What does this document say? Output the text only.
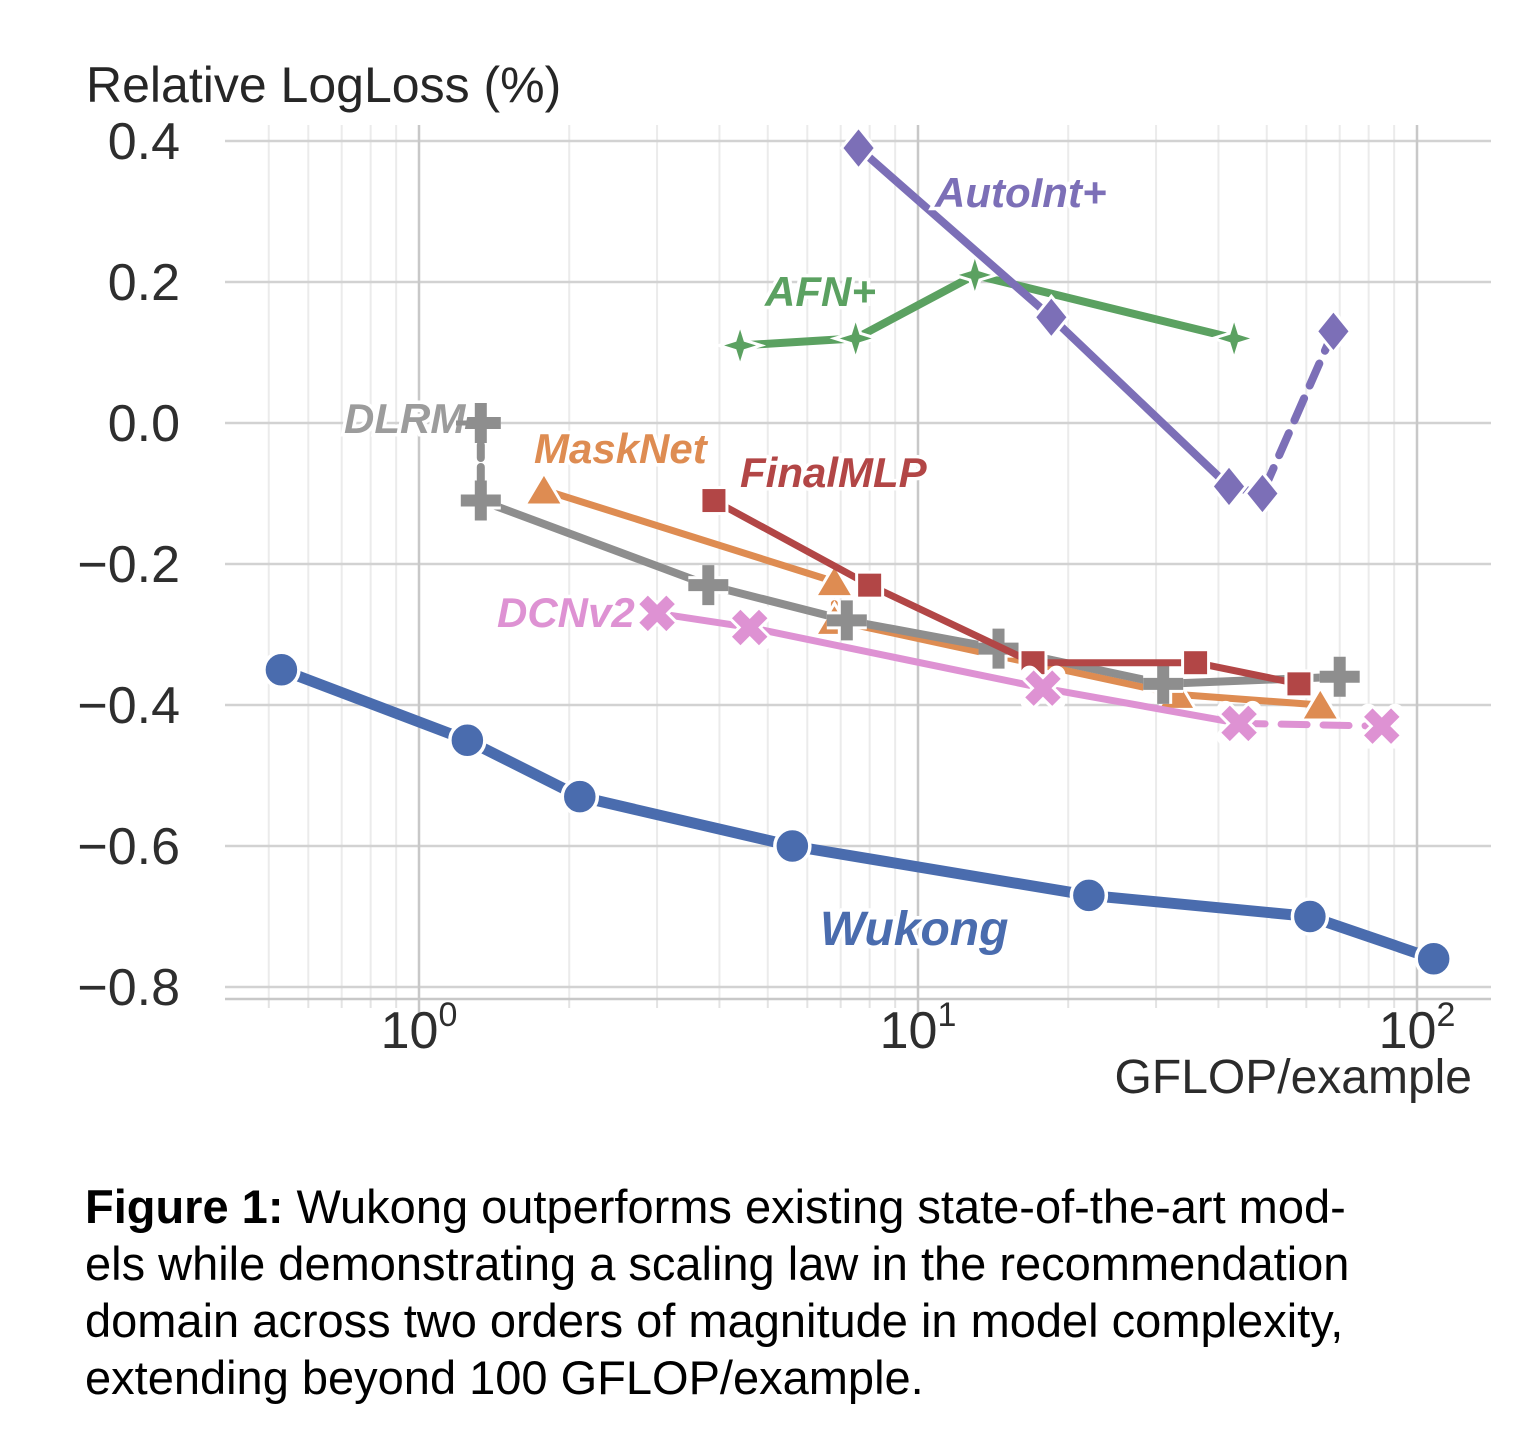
AFN+
AutoInt+
MaskNet
DLRM
FinalMLP
DCNv2
Wukong
0.4
0.2
0.0
−0.2
−0.4
−0.6
−0.8
$10^0$	$10^1$	$10^2$
Relative LogLoss (%)
GFLOP/example
Figure 1: Wukong outperforms existing state-of-the-art mod-
els while demonstrating a scaling law in the recommendation
domain across two orders of magnitude in model complexity,
extending beyond 100 GFLOP/example.
